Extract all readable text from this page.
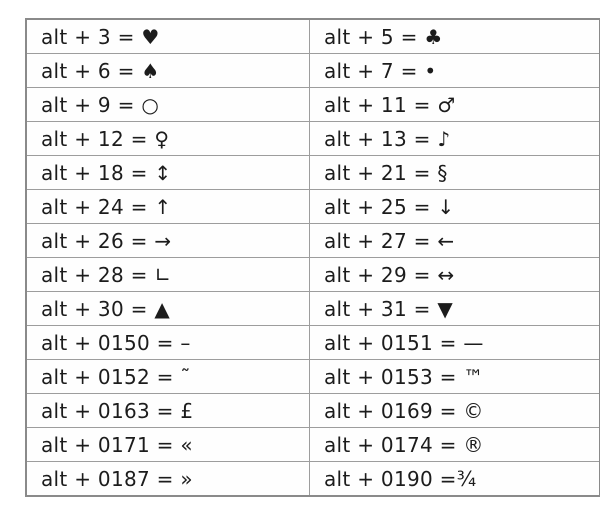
alt + 3 = ♥	alt + 5 = ♣
alt + 6 = ♠	alt + 7 = •
alt + 9 = ○	alt + 11 = ♂
alt + 12 = ♀	alt + 13 = ♪
alt + 18 = ↕	alt + 21 = §
alt + 24 = ↑	alt + 25 = ↓
alt + 26 = →	alt + 27 = ←
alt + 28 = ∟	alt + 29 = ↔
alt + 30 = ▲	alt + 31 = ▼
alt + 0150 = –	alt + 0151 = —
alt + 0152 = ˜	alt + 0153 = ™
alt + 0163 = £	alt + 0169 = ©
alt + 0171 = «	alt + 0174 = ®
alt + 0187 = »	alt + 0190 =¾
